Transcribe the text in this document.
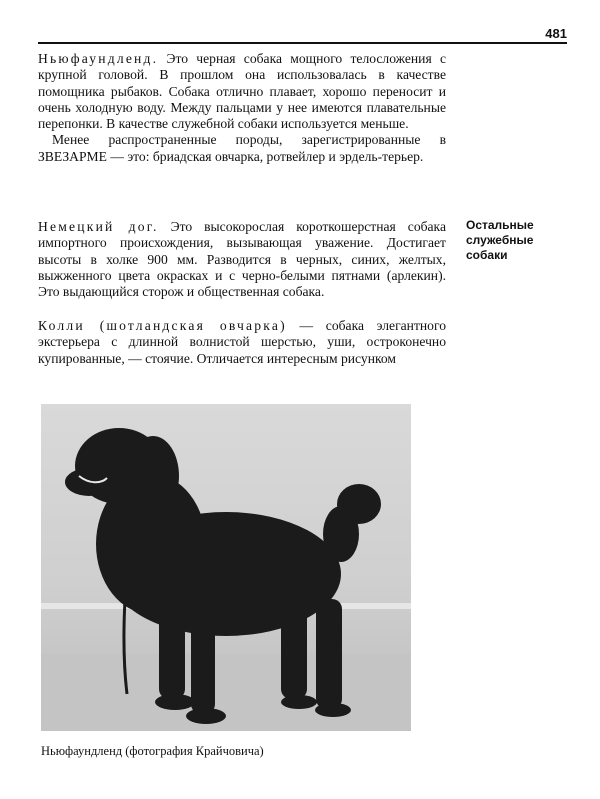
481

Ньюфаундленд. Это черная собака мощного телосложения с крупной головой. В прошлом она использовалась в качестве помощника рыбаков. Собака отлично плавает, хорошо переносит и очень холодную воду. Между пальцами у нее имеются плавательные перепонки. В качестве служебной собаки используется меньше.

Менее распространенные породы, зарегистрированные в ЗВЕЗАРМЕ — это: бриадская овчарка, ротвейлер и эрдель-терьер.

Немецкий дог. Это высокорослая короткошерстная собака импортного происхождения, вызывающая уважение. Достигает высоты в холке 900 мм. Разводится в черных, синих, желтых, выжженного цвета окрасках и с черно-белыми пятнами (арлекин). Это выдающийся сторож и общественная собака.

Колли (шотландская овчарка) — собака элегантного экстерьера с длинной волнистой шерстью, уши, остроконечно купированные, — стоячие. Отличается интересным рисунком

Остальные служебные собаки
Ньюфаундленд (фотография Крайчовича)
